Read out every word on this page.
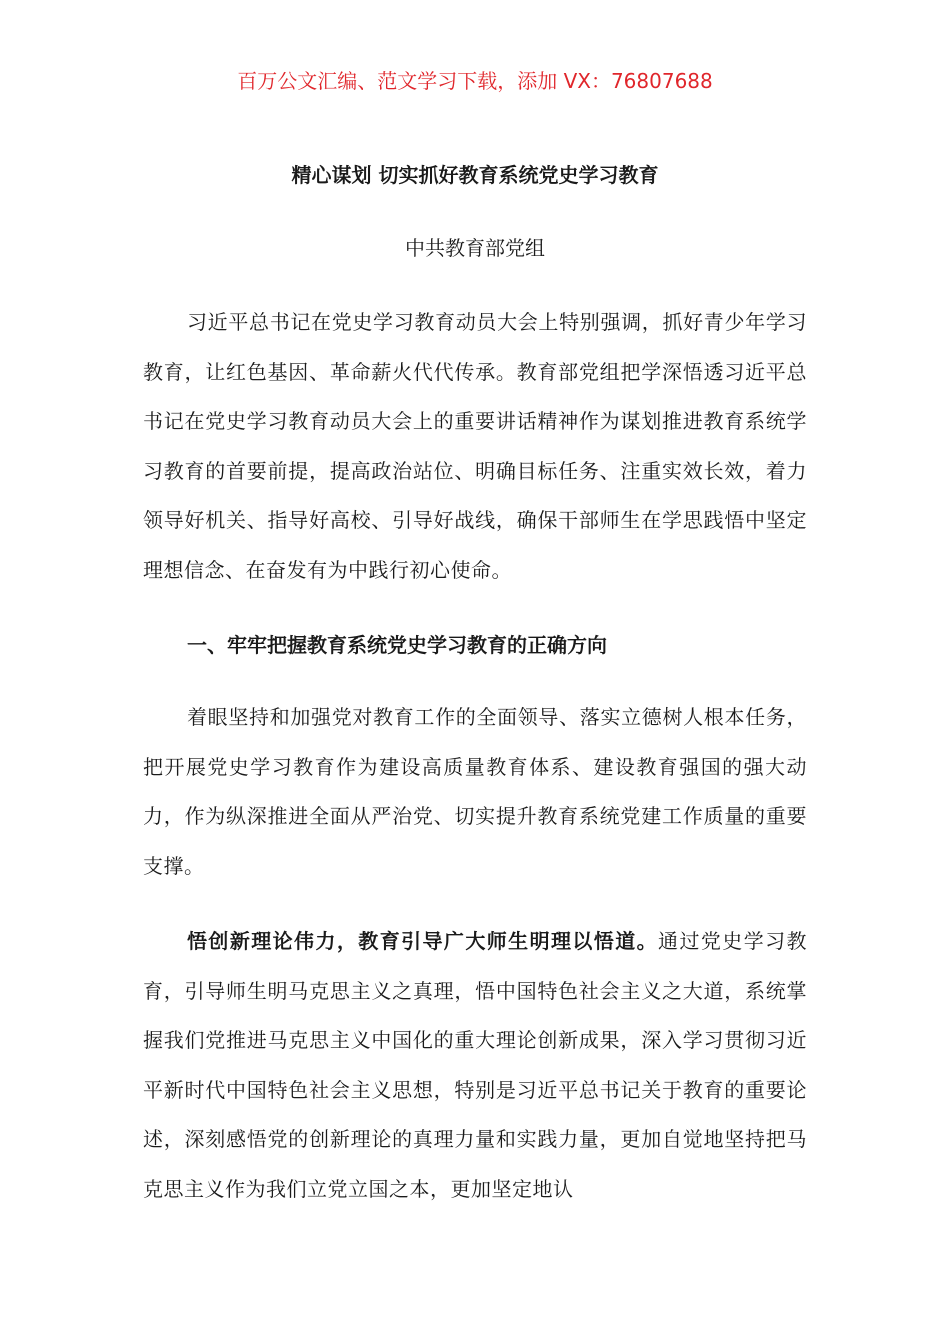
百万公文汇编、范文学习下载，添加 VX：76807688
精心谋划 切实抓好教育系统党史学习教育
中共教育部党组

习近平总书记在党史学习教育动员大会上特别强调，抓好青少年学习教育，让红色基因、革命薪火代代传承。教育部党组把学深悟透习近平总书记在党史学习教育动员大会上的重要讲话精神作为谋划推进教育系统学习教育的首要前提，提高政治站位、明确目标任务、注重实效长效，着力领导好机关、指导好高校、引导好战线，确保干部师生在学思践悟中坚定理想信念、在奋发有为中践行初心使命。

一、牢牢把握教育系统党史学习教育的正确方向

着眼坚持和加强党对教育工作的全面领导、落实立德树人根本任务，把开展党史学习教育作为建设高质量教育体系、建设教育强国的强大动力，作为纵深推进全面从严治党、切实提升教育系统党建工作质量的重要支撑。

悟创新理论伟力，教育引导广大师生明理以悟道。通过党史学习教育，引导师生明马克思主义之真理，悟中国特色社会主义之大道，系统掌握我们党推进马克思主义中国化的重大理论创新成果，深入学习贯彻习近平新时代中国特色社会主义思想，特别是习近平总书记关于教育的重要论述，深刻感悟党的创新理论的真理力量和实践力量，更加自觉地坚持把马克思主义作为我们立党立国之本，更加坚定地认
